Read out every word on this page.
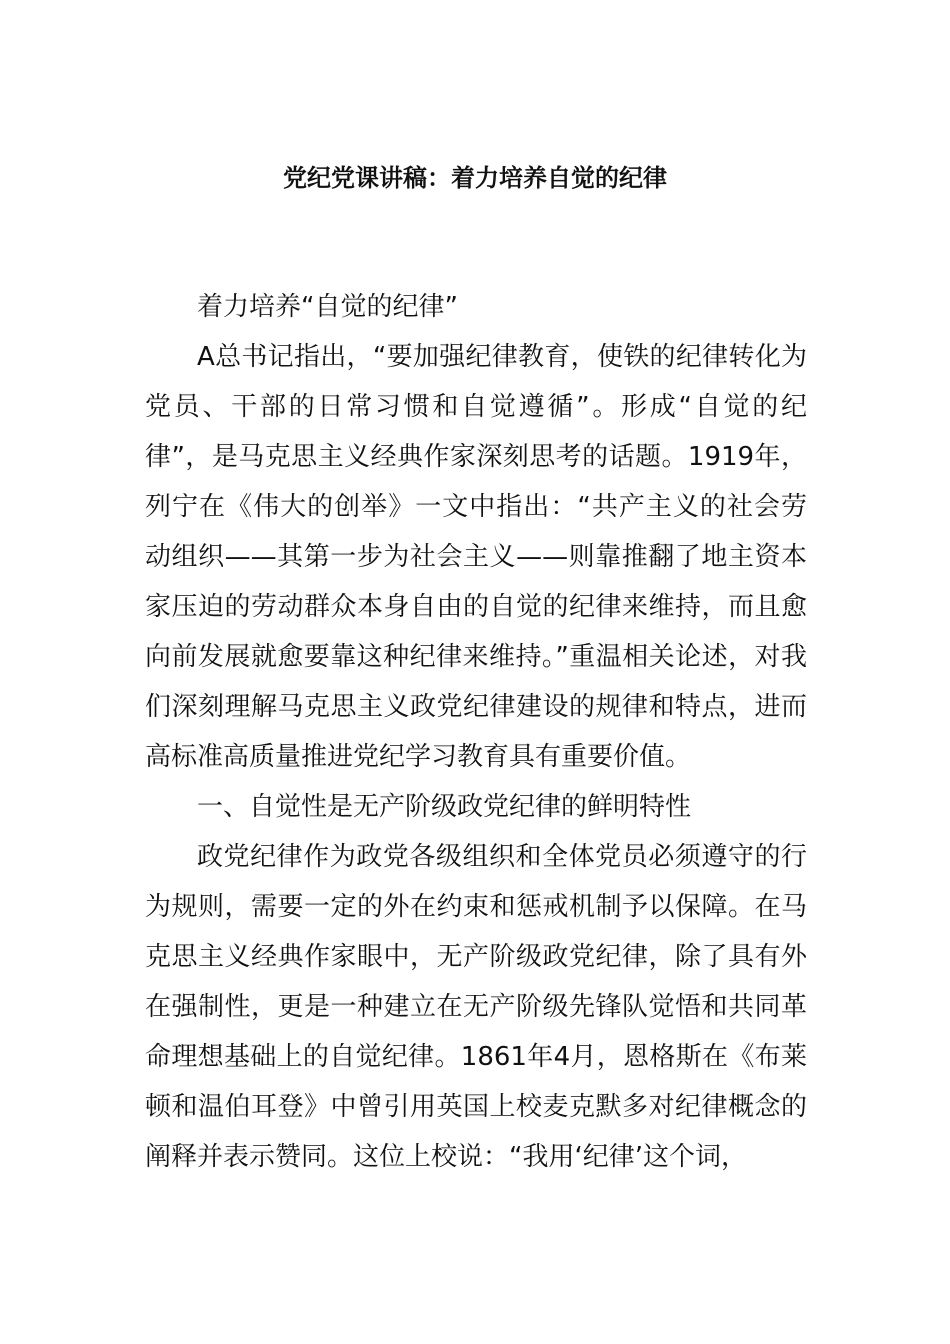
党纪党课讲稿：着力培养自觉的纪律

着力培养“自觉的纪律”

A总书记指出，“要加强纪律教育，使铁的纪律转化为党员、干部的日常习惯和自觉遵循”。形成“自觉的纪律”，是马克思主义经典作家深刻思考的话题。1919年，列宁在《伟大的创举》一文中指出：“共产主义的社会劳动组织——其第一步为社会主义——则靠推翻了地主资本家压迫的劳动群众本身自由的自觉的纪律来维持，而且愈向前发展就愈要靠这种纪律来维持。”重温相关论述，对我们深刻理解马克思主义政党纪律建设的规律和特点，进而高标准高质量推进党纪学习教育具有重要价值。

一、自觉性是无产阶级政党纪律的鲜明特性

政党纪律作为政党各级组织和全体党员必须遵守的行为规则，需要一定的外在约束和惩戒机制予以保障。在马克思主义经典作家眼中，无产阶级政党纪律，除了具有外在强制性，更是一种建立在无产阶级先锋队觉悟和共同革命理想基础上的自觉纪律。1861年4月，恩格斯在《布莱顿和温伯耳登》中曾引用英国上校麦克默多对纪律概念的阐释并表示赞同。这位上校说：“我用‘纪律’这个词，
